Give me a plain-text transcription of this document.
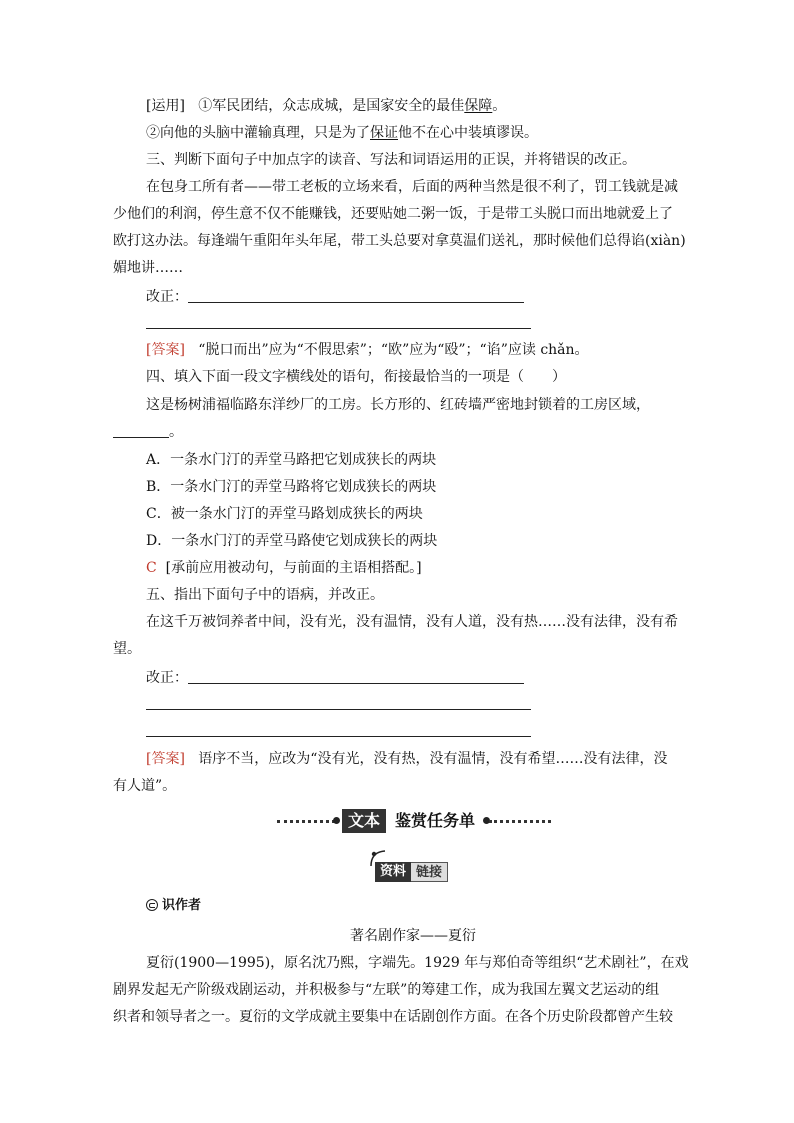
[运用] ①军民团结，众志成城，是国家安全的最佳保障。
②向他的头脑中灌输真理，只是为了保证他不在心中装填谬误。
三、判断下面句子中加点字的读音、写法和词语运用的正误，并将错误的改正。
在包身工所有者——带工老板的立场来看，后面的两种当然是很不利了，罚工钱就是减
少他们的利润，停生意不仅不能赚钱，还要贴她二粥一饭，于是带工头脱口而出地就爱上了
欧打这办法。每逢端午重阳年头年尾，带工头总要对拿莫温们送礼，那时候他们总得谄(xiàn)
媚地讲……
改正：
[答案] “脱口而出”应为“不假思索”；“欧”应为“殴”；“谄”应读 chǎn。
四、填入下面一段文字横线处的语句，衔接最恰当的一项是（　　）
这是杨树浦福临路东洋纱厂的工房。长方形的、红砖墙严密地封锁着的工房区域，
。
A．一条水门汀的弄堂马路把它划成狭长的两块
B．一条水门汀的弄堂马路将它划成狭长的两块
C．被一条水门汀的弄堂马路划成狭长的两块
D．一条水门汀的弄堂马路使它划成狭长的两块
C [承前应用被动句，与前面的主语相搭配。]
五、指出下面句子中的语病，并改正。
在这千万被饲养者中间，没有光，没有温情，没有人道，没有热……没有法律，没有希
望。
改正：
[答案] 语序不当，应改为“没有光，没有热，没有温情，没有希望……没有法律，没
有人道”。
文本 鉴赏任务单
资料 链接
识作者
著名剧作家——夏衍
夏衍(1900—1995)，原名沈乃熙，字端先。1929 年与郑伯奇等组织“艺术剧社”，在戏
剧界发起无产阶级戏剧运动，并积极参与“左联”的筹建工作，成为我国左翼文艺运动的组
织者和领导者之一。夏衍的文学成就主要集中在话剧创作方面。在各个历史阶段都曾产生较
